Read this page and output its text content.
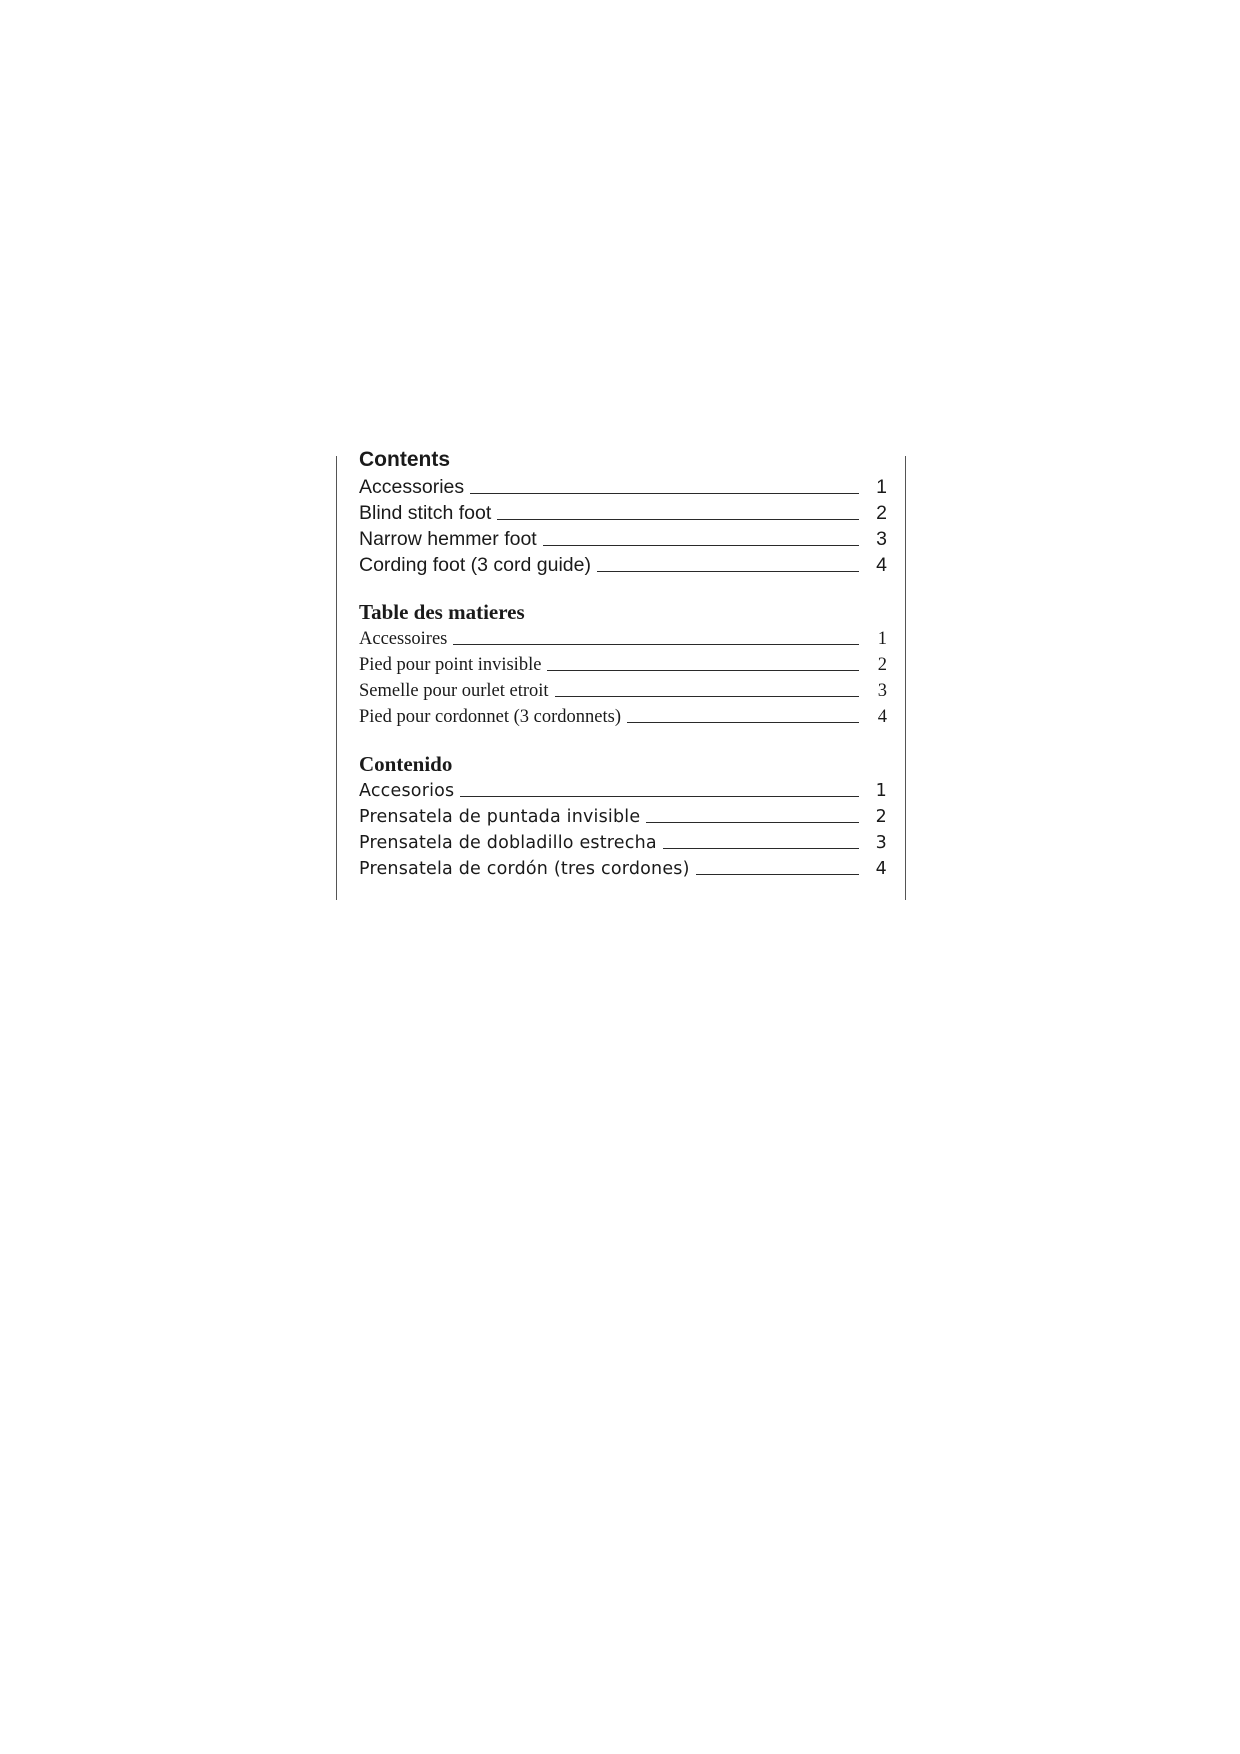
Contents
Accessories	1
Blind stitch foot	2
Narrow hemmer foot	3
Cording foot (3 cord guide)	4
Table des matieres
Accessoires	1
Pied pour point invisible	2
Semelle pour ourlet etroit	3
Pied pour cordonnet (3 cordonnets)	4
Contenido
Accesorios	1
Prensatela de puntada invisible	2
Prensatela de dobladillo estrecha	3
Prensatela de cordón (tres cordones)	4
